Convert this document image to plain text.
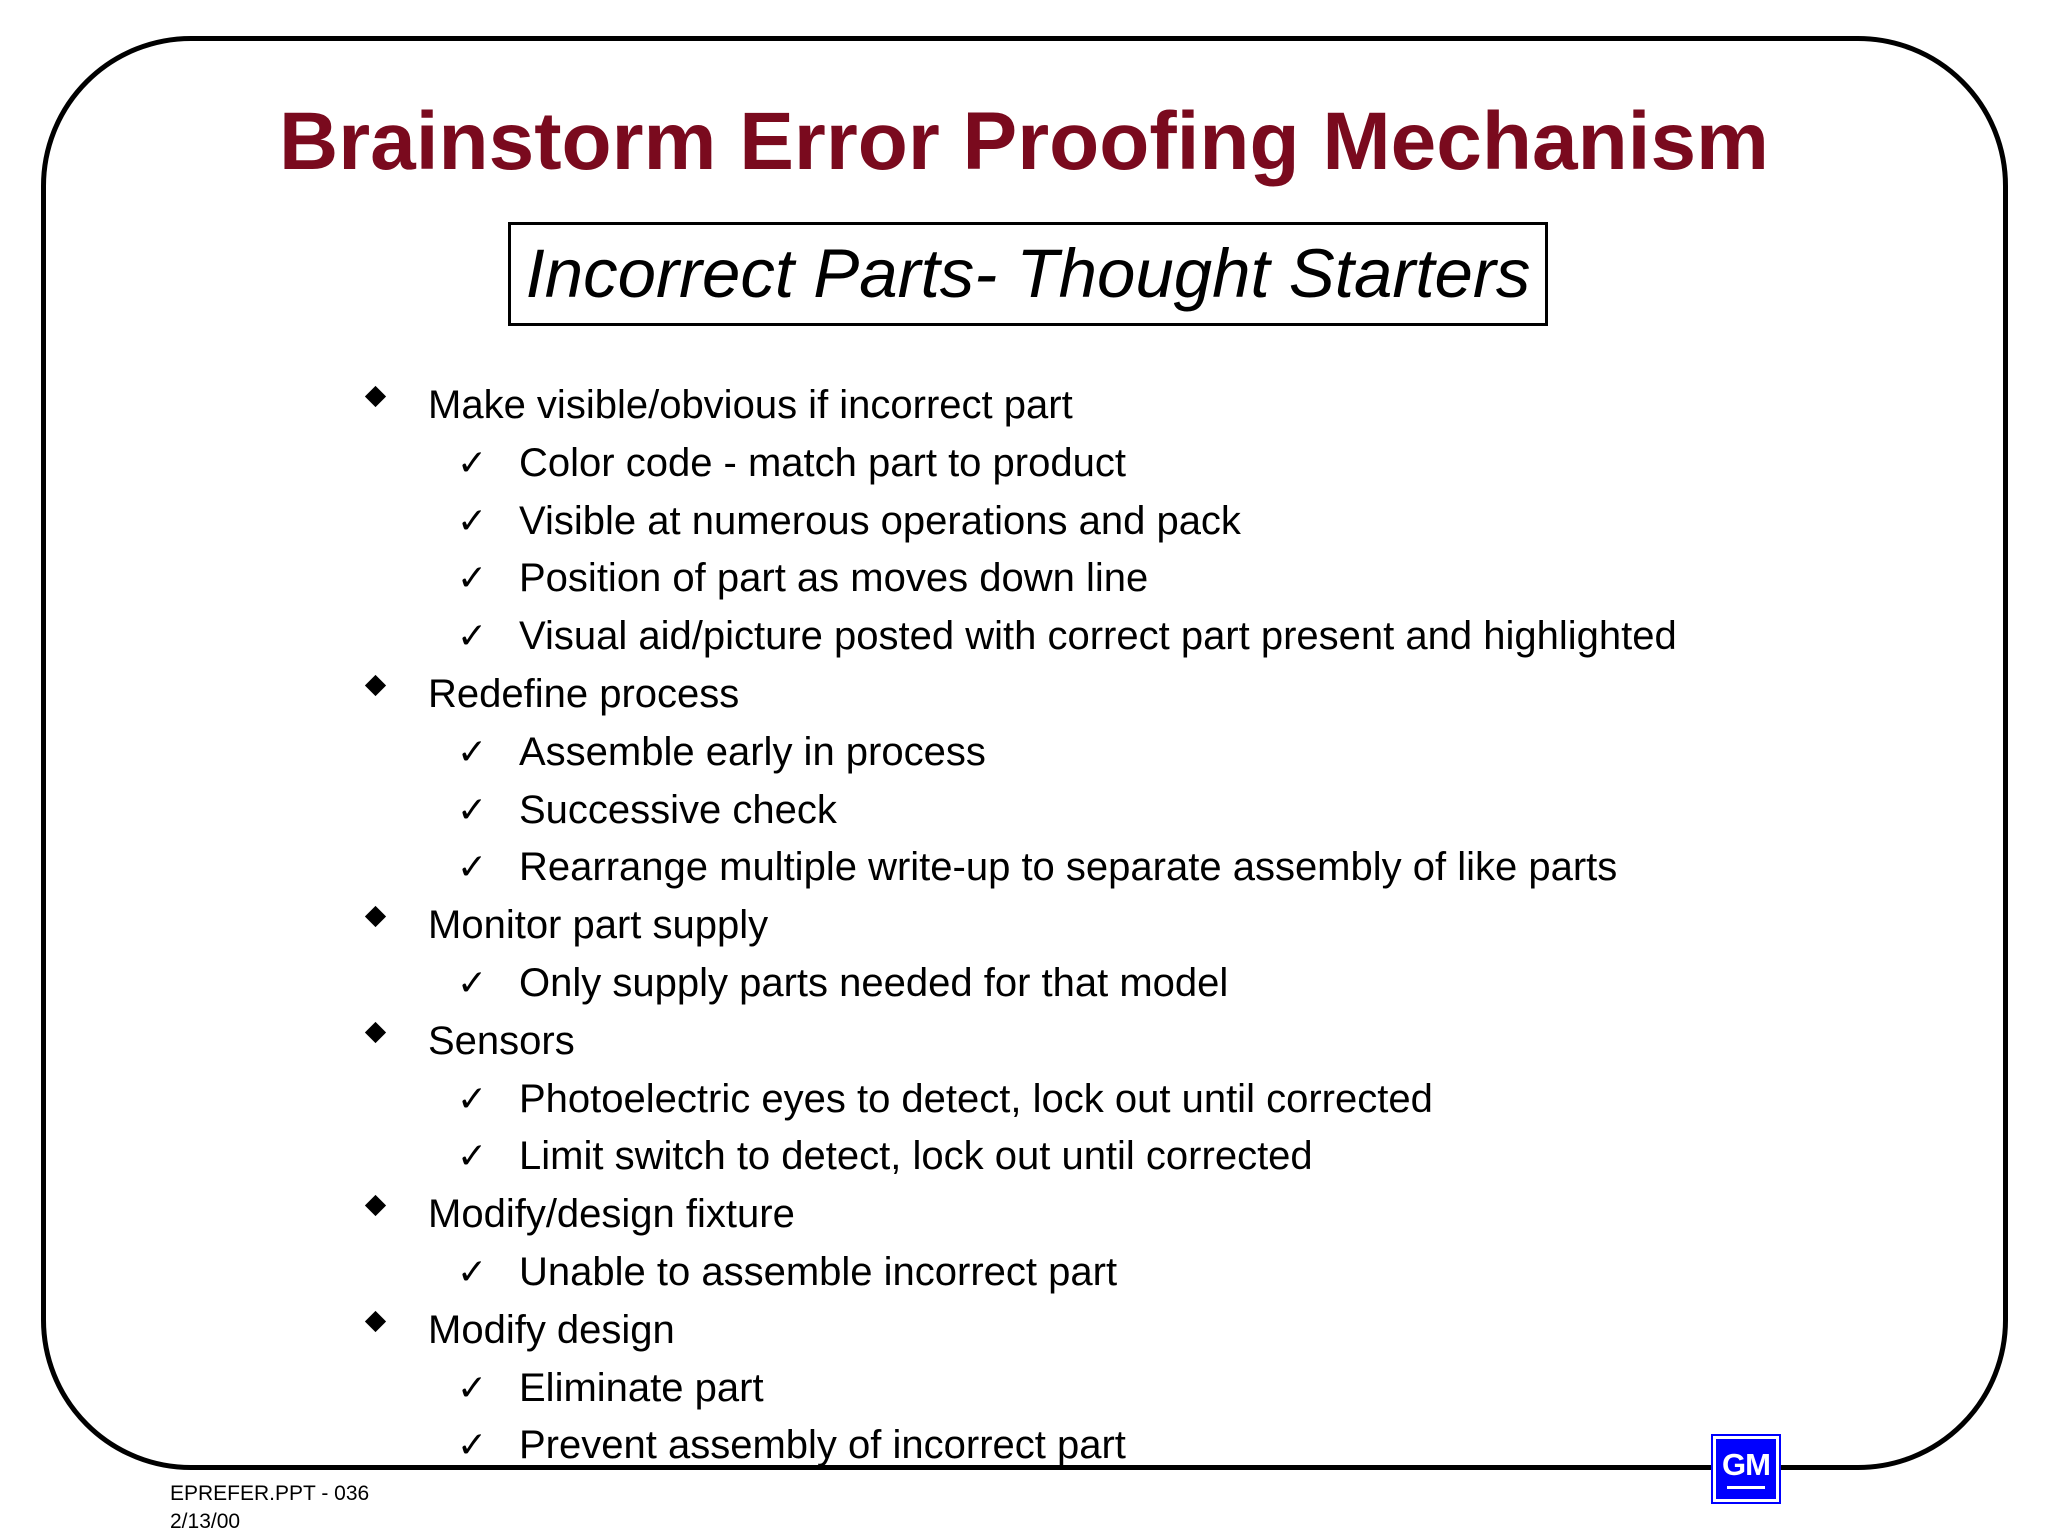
Brainstorm Error Proofing Mechanism
Incorrect Parts- Thought Starters
Make visible/obvious if incorrect part
✓ Color code - match part to product
✓ Visible at numerous operations and pack
✓ Position of part as moves down line
✓ Visual aid/picture posted with correct part present and highlighted
Redefine process
✓ Assemble early in process
✓ Successive check
✓ Rearrange multiple write-up to separate assembly of like parts
Monitor part supply
✓ Only supply parts needed for that model
Sensors
✓ Photoelectric eyes to detect, lock out until corrected
✓ Limit switch to detect, lock out until corrected
Modify/design fixture
✓ Unable to assemble incorrect part
Modify design
✓ Eliminate part
✓ Prevent assembly of incorrect part
EPREFER.PPT - 036
2/13/00
GM
